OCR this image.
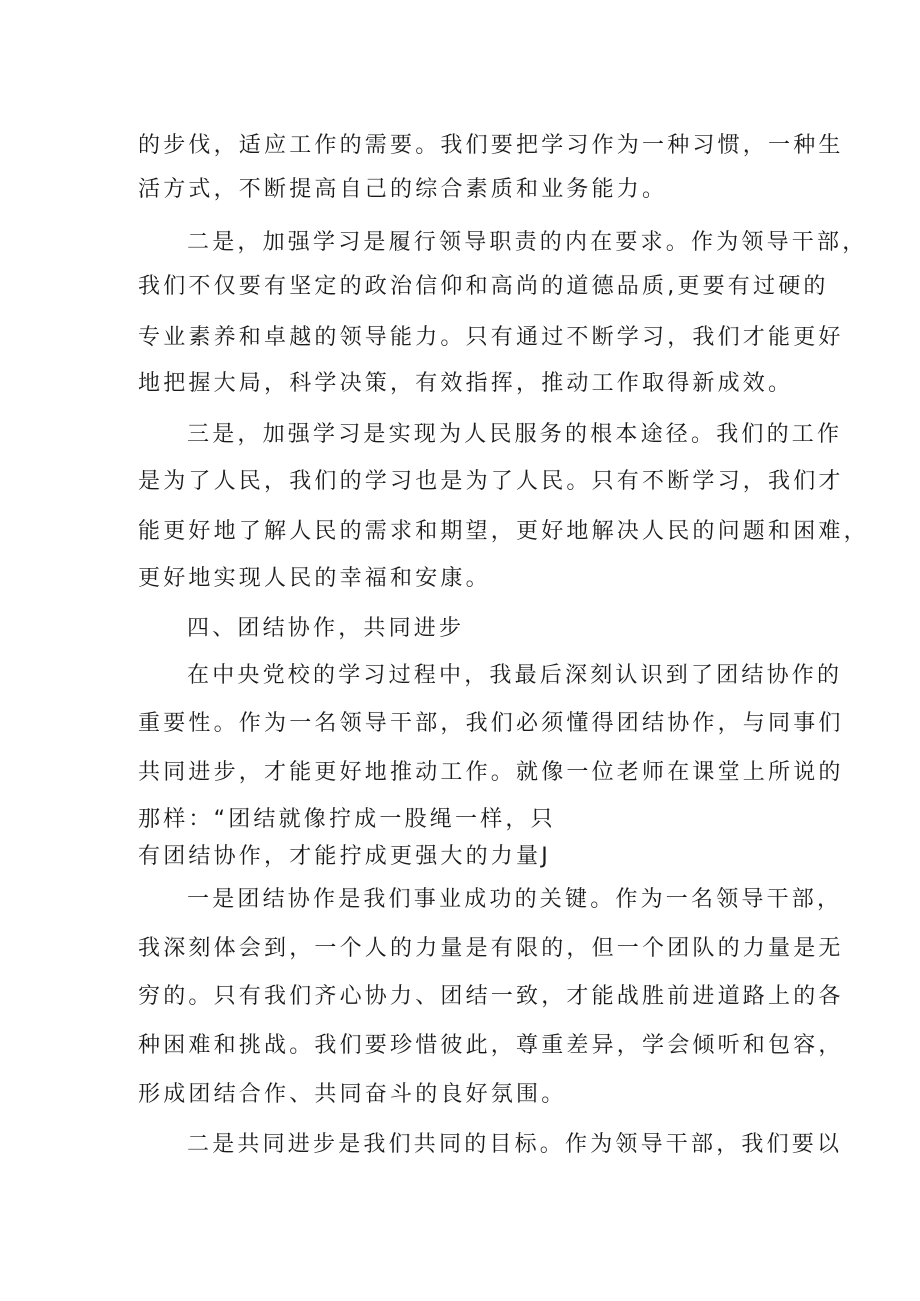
的步伐，适应工作的需要。我们要把学习作为一种习惯，一种生
活方式，不断提高自己的综合素质和业务能力。
二是，加强学习是履行领导职责的内在要求。作为领导干部，
我们不仅要有坚定的政治信仰和高尚的道德品质,更要有过硬的
专业素养和卓越的领导能力。只有通过不断学习，我们才能更好
地把握大局，科学决策，有效指挥，推动工作取得新成效。
三是，加强学习是实现为人民服务的根本途径。我们的工作
是为了人民，我们的学习也是为了人民。只有不断学习，我们才
能更好地了解人民的需求和期望，更好地解决人民的问题和困难，
更好地实现人民的幸福和安康。
四、团结协作，共同进步
在中央党校的学习过程中，我最后深刻认识到了团结协作的
重要性。作为一名领导干部，我们必须懂得团结协作，与同事们
共同进步，才能更好地推动工作。就像一位老师在课堂上所说的
那样：“团结就像拧成一股绳一样，只
有团结协作，才能拧成更强大的力量J
一是团结协作是我们事业成功的关键。作为一名领导干部，
我深刻体会到，一个人的力量是有限的，但一个团队的力量是无
穷的。只有我们齐心协力、团结一致，才能战胜前进道路上的各
种困难和挑战。我们要珍惜彼此，尊重差异，学会倾听和包容，
形成团结合作、共同奋斗的良好氛围。
二是共同进步是我们共同的目标。作为领导干部，我们要以
